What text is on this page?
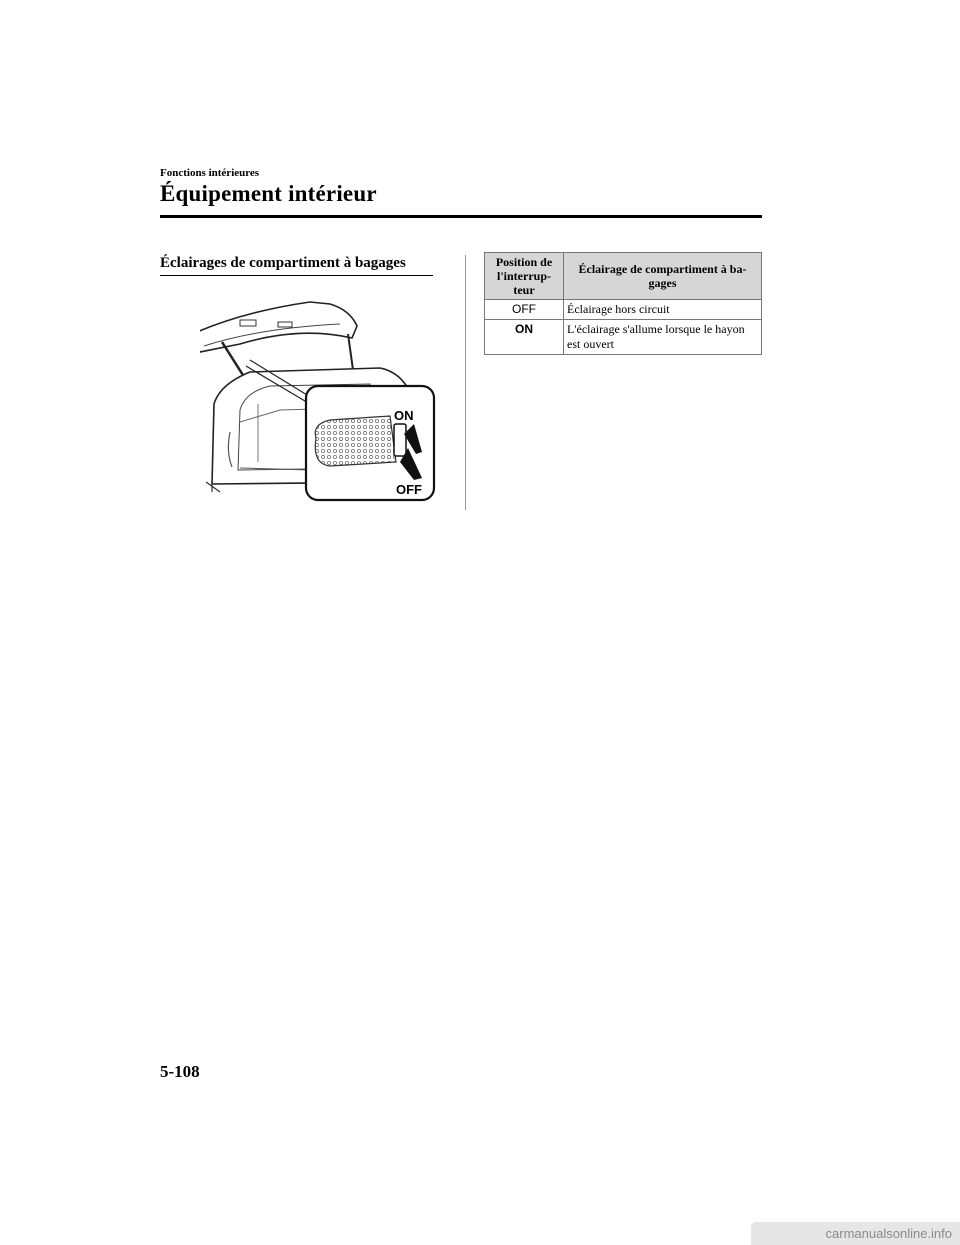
Fonctions intérieures
Équipement intérieur
Éclairages de compartiment à bagages
ON
OFF
Position de l'interrup-teur	Éclairage de compartiment à ba-gages
OFF	Éclairage hors circuit
ON	L'éclairage s'allume lorsque le hayon est ouvert
5-108
carmanualsonline.info
